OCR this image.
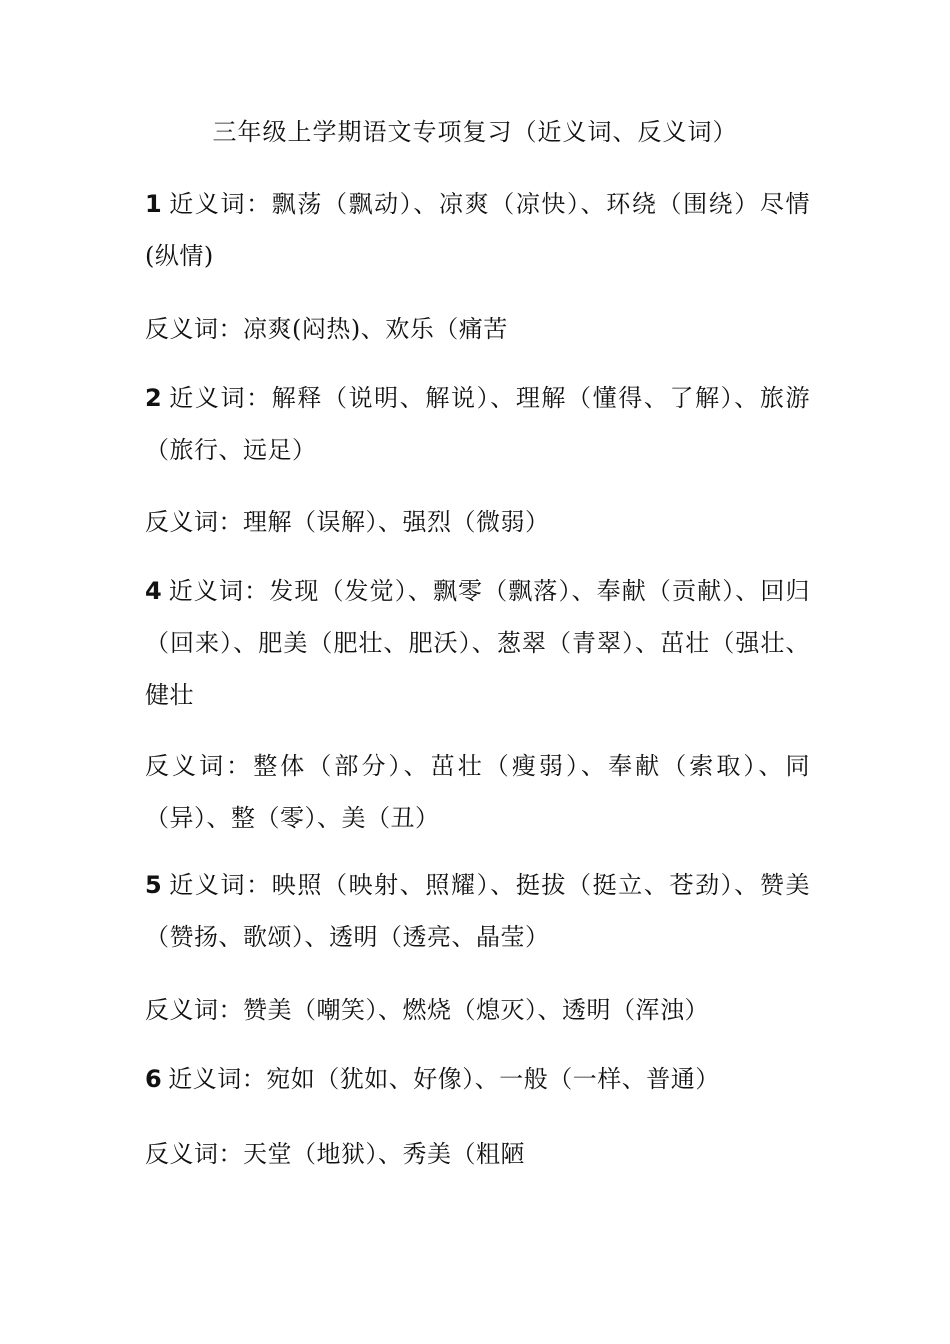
三年级上学期语文专项复习（近义词、反义词）
1 近义词：飘荡（飘动）、凉爽（凉快）、环绕（围绕）尽情(纵情)
反义词：凉爽(闷热)、欢乐（痛苦
2 近义词：解释（说明、解说）、理解（懂得、了解）、旅游（旅行、远足）
反义词：理解（误解）、强烈（微弱）
4 近义词：发现（发觉）、飘零（飘落）、奉献（贡献）、回归（回来）、肥美（肥壮、肥沃）、葱翠（青翠）、茁壮（强壮、健壮
反义词：整体（部分）、茁壮（瘦弱）、奉献（索取）、同（异）、整（零）、美（丑）
5 近义词：映照（映射、照耀）、挺拔（挺立、苍劲）、赞美（赞扬、歌颂）、透明（透亮、晶莹）
反义词：赞美（嘲笑）、燃烧（熄灭）、透明（浑浊）
6 近义词：宛如（犹如、好像）、一般（一样、普通）
反义词：天堂（地狱）、秀美（粗陋
